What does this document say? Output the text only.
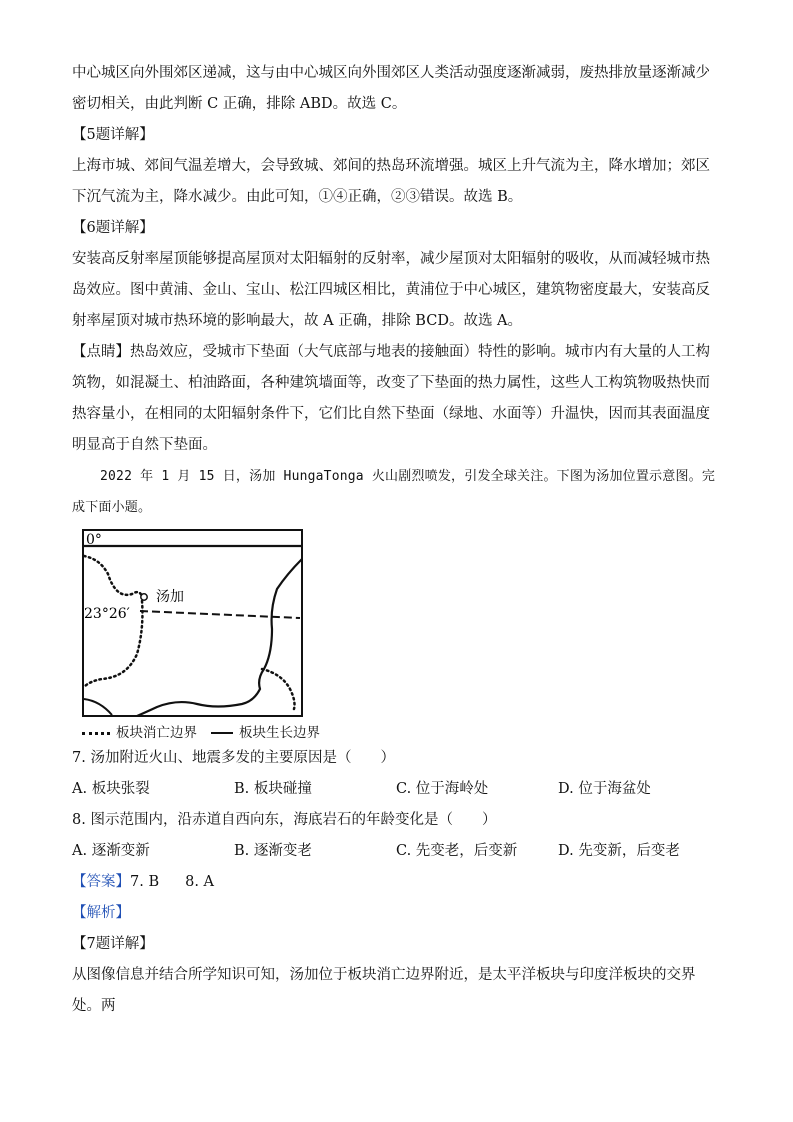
中心城区向外围郊区递减，这与由中心城区向外围郊区人类活动强度逐渐减弱，废热排放量逐渐减少密切相关，由此判断 C 正确，排除 ABD。故选 C。

【5题详解】

上海市城、郊间气温差增大，会导致城、郊间的热岛环流增强。城区上升气流为主，降水增加；郊区下沉气流为主，降水减少。由此可知，①④正确，②③错误。故选 B。

【6题详解】

安装高反射率屋顶能够提高屋顶对太阳辐射的反射率，减少屋顶对太阳辐射的吸收，从而减轻城市热岛效应。图中黄浦、金山、宝山、松江四城区相比，黄浦位于中心城区，建筑物密度最大，安装高反射率屋顶对城市热环境的影响最大，故 A 正确，排除 BCD。故选 A。

【点睛】热岛效应，受城市下垫面（大气底部与地表的接触面）特性的影响。城市内有大量的人工构筑物，如混凝土、柏油路面，各种建筑墙面等，改变了下垫面的热力属性，这些人工构筑物吸热快而热容量小，在相同的太阳辐射条件下，它们比自然下垫面（绿地、水面等）升温快，因而其表面温度明显高于自然下垫面。

2022 年 1 月 15 日，汤加 HungaTonga 火山剧烈喷发，引发全球关注。下图为汤加位置示意图。完成下面小题。

0°
汤加
23°26′
板块消亡边界	板块生长边界

7. 汤加附近火山、地震多发的主要原因是（　　）

A. 板块张裂	B. 板块碰撞	C. 位于海岭处	D. 位于海盆处

8. 图示范围内，沿赤道自西向东，海底岩石的年龄变化是（　　）

A. 逐渐变新	B. 逐渐变老	C. 先变老，后变新	D. 先变新，后变老

【答案】7. B 8. A

【解析】

【7题详解】

从图像信息并结合所学知识可知，汤加位于板块消亡边界附近，是太平洋板块与印度洋板块的交界处。两
